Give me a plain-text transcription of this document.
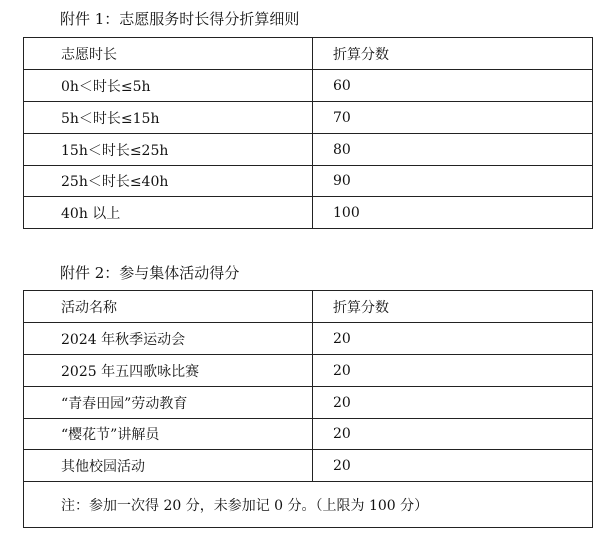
附件 1：志愿服务时长得分折算细则
志愿时长	折算分数
0h＜时长≤5h	60
5h＜时长≤15h	70
15h＜时长≤25h	80
25h＜时长≤40h	90
40h 以上	100
附件 2：参与集体活动得分
活动名称	折算分数
2024 年秋季运动会	20
2025 年五四歌咏比赛	20
“青春田园”劳动教育	20
“樱花节”讲解员	20
其他校园活动	20
注：参加一次得 20 分，未参加记 0 分。（上限为 100 分）	
